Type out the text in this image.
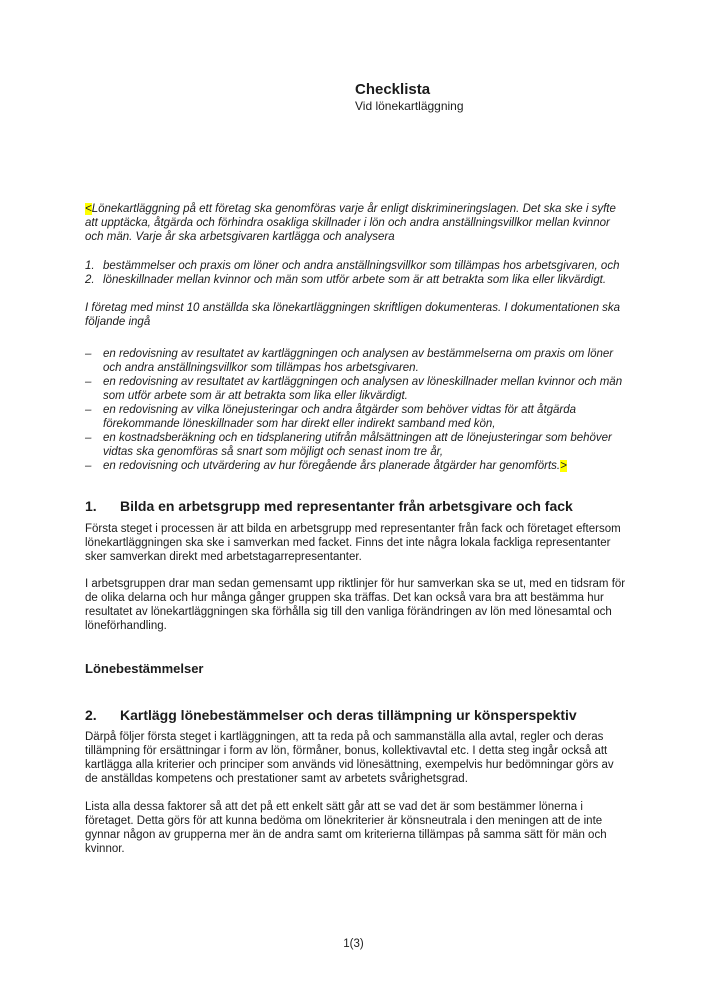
Checklista
Vid lönekartläggning

<Lönekartläggning på ett företag ska genomföras varje år enligt diskrimineringslagen. Det ska ske i syfte att upptäcka, åtgärda och förhindra osakliga skillnader i lön och andra anställningsvillkor mellan kvinnor och män. Varje år ska arbetsgivaren kartlägga och analysera

1. bestämmelser och praxis om löner och andra anställningsvillkor som tillämpas hos arbetsgivaren, och
2. löneskillnader mellan kvinnor och män som utför arbete som är att betrakta som lika eller likvärdigt.

I företag med minst 10 anställda ska lönekartläggningen skriftligen dokumenteras. I dokumentationen ska följande ingå

–	en redovisning av resultatet av kartläggningen och analysen av bestämmelserna om praxis om löner och andra anställningsvillkor som tillämpas hos arbetsgivaren.
–	en redovisning av resultatet av kartläggningen och analysen av löneskillnader mellan kvinnor och män som utför arbete som är att betrakta som lika eller likvärdigt.
–	en redovisning av vilka lönejusteringar och andra åtgärder som behöver vidtas för att åtgärda förekommande löneskillnader som har direkt eller indirekt samband med kön,
–	en kostnadsberäkning och en tidsplanering utifrån målsättningen att de lönejusteringar som behöver vidtas ska genomföras så snart som möjligt och senast inom tre år,
–	en redovisning och utvärdering av hur föregående års planerade åtgärder har genomförts.>
1.	Bilda en arbetsgrupp med representanter från arbetsgivare och fack

Första steget i processen är att bilda en arbetsgrupp med representanter från fack och företaget eftersom lönekartläggningen ska ske i samverkan med facket. Finns det inte några lokala fackliga representanter sker samverkan direkt med arbetstagarrepresentanter.

I arbetsgruppen drar man sedan gemensamt upp riktlinjer för hur samverkan ska se ut, med en tidsram för de olika delarna och hur många gånger gruppen ska träffas. Det kan också vara bra att bestämma hur resultatet av lönekartläggningen ska förhålla sig till den vanliga förändringen av lön med lönesamtal och löneförhandling.

Lönebestämmelser
2.	Kartlägg lönebestämmelser och deras tillämpning ur könsperspektiv

Därpå följer första steget i kartläggningen, att ta reda på och sammanställa alla avtal, regler och deras tillämpning för ersättningar i form av lön, förmåner, bonus, kollektivavtal etc. I detta steg ingår också att kartlägga alla kriterier och principer som används vid lönesättning, exempelvis hur bedömningar görs av de anställdas kompetens och prestationer samt av arbetets svårighetsgrad.

Lista alla dessa faktorer så att det på ett enkelt sätt går att se vad det är som bestämmer lönerna i företaget. Detta görs för att kunna bedöma om lönekriterier är könsneutrala i den meningen att de inte gynnar någon av grupperna mer än de andra samt om kriterierna tillämpas på samma sätt för män och kvinnor.

1(3)
